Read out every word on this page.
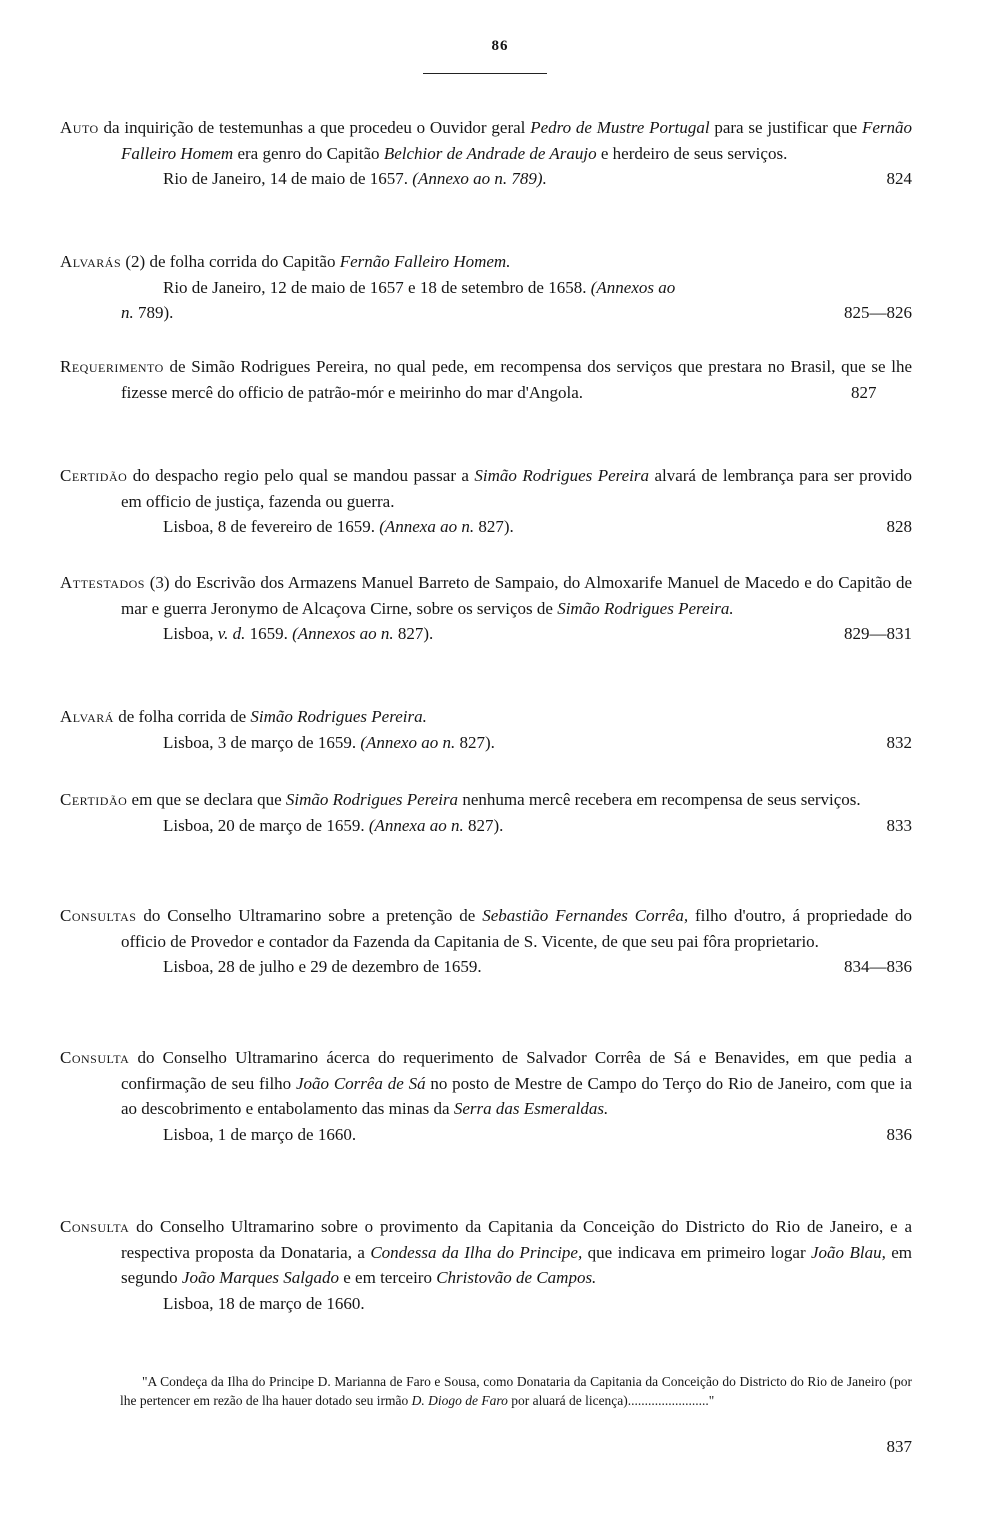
86

Auto da inquirição de testemunhas a que procedeu o Ouvidor geral Pedro de Mustre Portugal para se justificar que Fernão Falleiro Homem era genro do Capitão Belchior de Andrade de Araujo e herdeiro de seus serviços.

Rio de Janeiro, 14 de maio de 1657. (Annexo ao n. 789).	824

Alvarás (2) de folha corrida do Capitão Fernão Falleiro Homem.

Rio de Janeiro, 12 de maio de 1657 e 18 de setembro de 1658. (Annexos ao

n. 789).	825—826

Requerimento de Simão Rodrigues Pereira, no qual pede, em recompensa dos serviços que prestara no Brasil, que se lhe fizesse mercê do officio de patrão-mór e meirinho do mar d'Angola.	827

Certidão do despacho regio pelo qual se mandou passar a Simão Rodrigues Pereira alvará de lembrança para ser provido em officio de justiça, fazenda ou guerra.

Lisboa, 8 de fevereiro de 1659. (Annexa ao n. 827).	828

Attestados (3) do Escrivão dos Armazens Manuel Barreto de Sampaio, do Almoxarife Manuel de Macedo e do Capitão de mar e guerra Jeronymo de Alcaçova Cirne, sobre os serviços de Simão Rodrigues Pereira.

Lisboa, v. d. 1659. (Annexos ao n. 827).	829—831

Alvará de folha corrida de Simão Rodrigues Pereira.

Lisboa, 3 de março de 1659. (Annexo ao n. 827).	832

Certidão em que se declara que Simão Rodrigues Pereira nenhuma mercê recebera em recompensa de seus serviços.

Lisboa, 20 de março de 1659. (Annexa ao n. 827).	833

Consultas do Conselho Ultramarino sobre a pretenção de Sebastião Fernandes Corrêa, filho d'outro, á propriedade do officio de Provedor e contador da Fazenda da Capitania de S. Vicente, de que seu pai fôra proprietario.

Lisboa, 28 de julho e 29 de dezembro de 1659.	834—836

Consulta do Conselho Ultramarino ácerca do requerimento de Salvador Corrêa de Sá e Benavides, em que pedia a confirmação de seu filho João Corrêa de Sá no posto de Mestre de Campo do Terço do Rio de Janeiro, com que ia ao descobrimento e entabolamento das minas da Serra das Esmeraldas.

Lisboa, 1 de março de 1660.	836

Consulta do Conselho Ultramarino sobre o provimento da Capitania da Conceição do Districto do Rio de Janeiro, e a respectiva proposta da Donataria, a Condessa da Ilha do Principe, que indicava em primeiro logar João Blau, em segundo João Marques Salgado e em terceiro Christovão de Campos.

Lisboa, 18 de março de 1660.

"A Condeça da Ilha do Principe D. Marianna de Faro e Sousa, como Donataria da Capitania da Conceição do Districto do Rio de Janeiro (por lhe pertencer em rezão de lha hauer dotado seu irmão D. Diogo de Faro por aluará de licença)........................"

837
